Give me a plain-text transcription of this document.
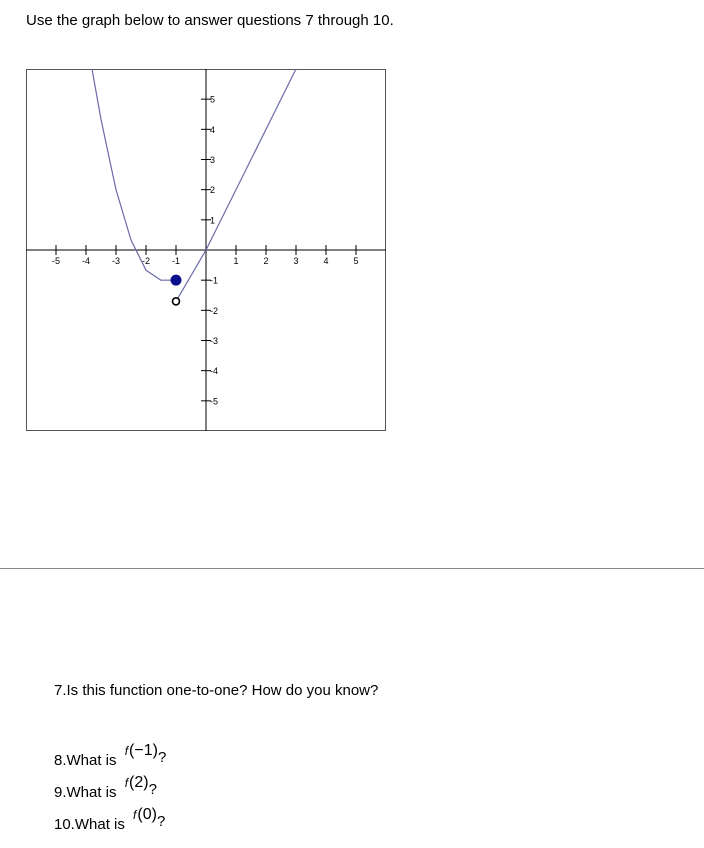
Use the graph below to answer questions 7 through 10.
-5 -4 -3 -2 -1	1	2	3	4	5
-5
-4
-3
-2
-1
1
2
3
4
5
7.Is this function one-to-one? How do you know?
8.What is f(−1)?
9.What is f(2)?
10.What is f(0)?
